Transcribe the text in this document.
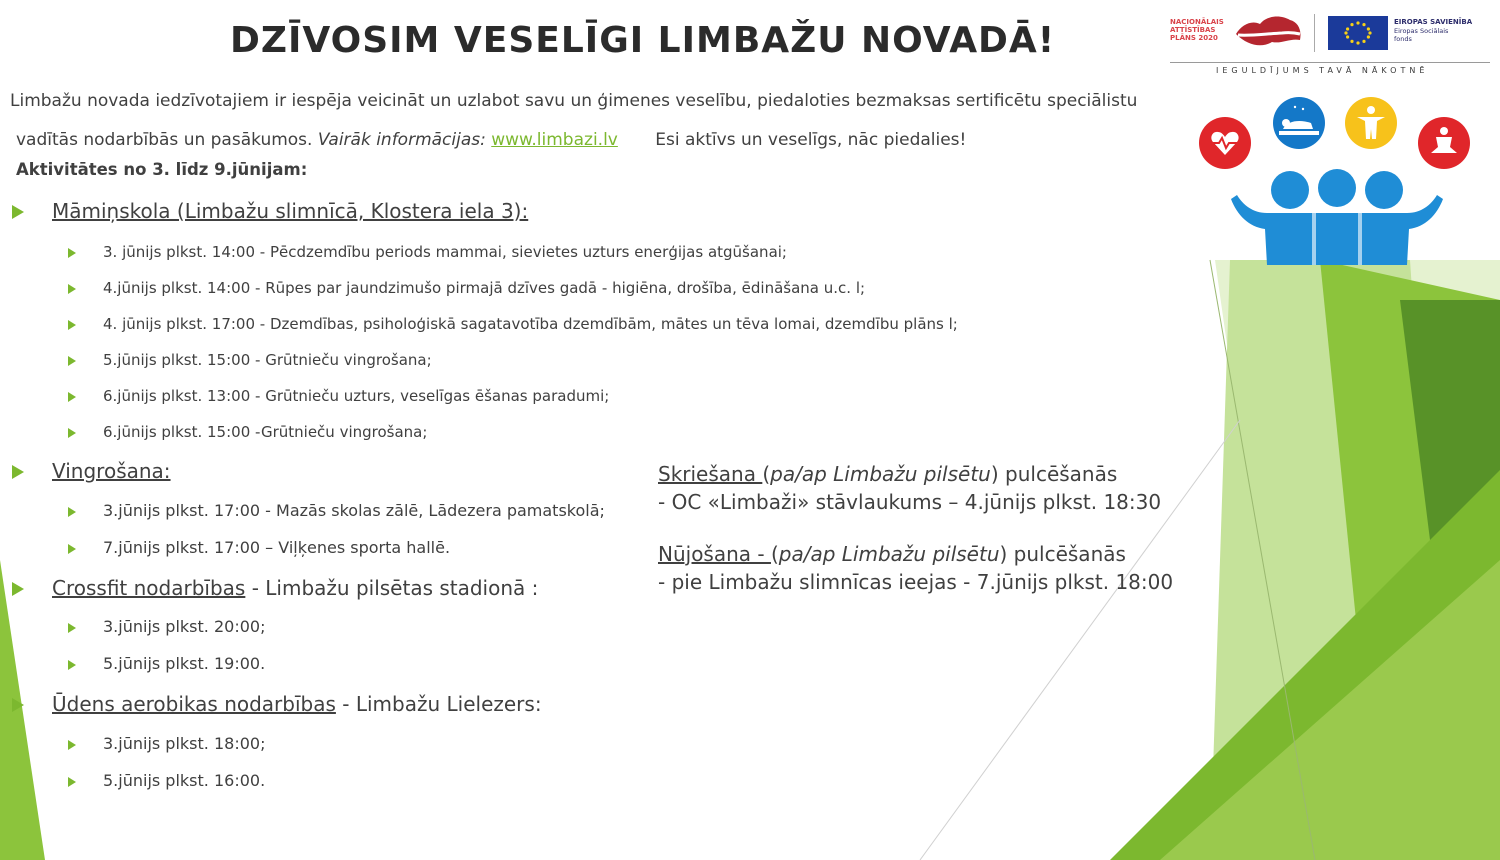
DZĪVOSIM VESELĪGI LIMBAŽU NOVADĀ!	NACIONĀLAIS
ATTĪSTĪBAS
PLĀNS 2020
EIROPAS SAVIENĪBA
Eiropas Sociālais
fonds
IEGULDĪJUMS TAVĀ NĀKOTNĒ
Limbažu novada iedzīvotajiem ir iespēja veicināt un uzlabot savu un ģimenes veselību, piedaloties bezmaksas sertificētu speciālistu
vadītās nodarbībās un pasākumos. Vairāk informācijas: www.limbazi.lv Esi aktīvs un veselīgs, nāc piedalies!
Aktivitātes no 3. līdz 9.jūnijam:
Māmiņskola (Limbažu slimnīcā, Klostera iela 3):
3. jūnijs plkst. 14:00 - Pēcdzemdību periods mammai, sievietes uzturs enerģijas atgūšanai;
4.jūnijs plkst. 14:00 - Rūpes par jaundzimušo pirmajā dzīves gadā - higiēna, drošība, ēdināšana u.c. l;
4. jūnijs plkst. 17:00 - Dzemdības, psiholoģiskā sagatavotība dzemdībām, mātes un tēva lomai, dzemdību plāns l;
5.jūnijs plkst. 15:00 - Grūtnieču vingrošana;
6.jūnijs plkst. 13:00 - Grūtnieču uzturs, veselīgas ēšanas paradumi;
6.jūnijs plkst. 15:00 -Grūtnieču vingrošana;
Vingrošana:
3.jūnijs plkst. 17:00 - Mazās skolas zālē, Lādezera pamatskolā;
7.jūnijs plkst. 17:00 – Viļķenes sporta hallē.
Crossfit nodarbības - Limbažu pilsētas stadionā :
3.jūnijs plkst. 20:00;
5.jūnijs plkst. 19:00.
Ūdens aerobikas nodarbības - Limbažu Lielezers:
3.jūnijs plkst. 18:00;
5.jūnijs plkst. 16:00.
Skriešana (pa/ap Limbažu pilsētu) pulcēšanās
- OC «Limbaži» stāvlaukums – 4.jūnijs plkst. 18:30
Nūjošana - (pa/ap Limbažu pilsētu) pulcēšanās
- pie Limbažu slimnīcas ieejas - 7.jūnijs plkst. 18:00
